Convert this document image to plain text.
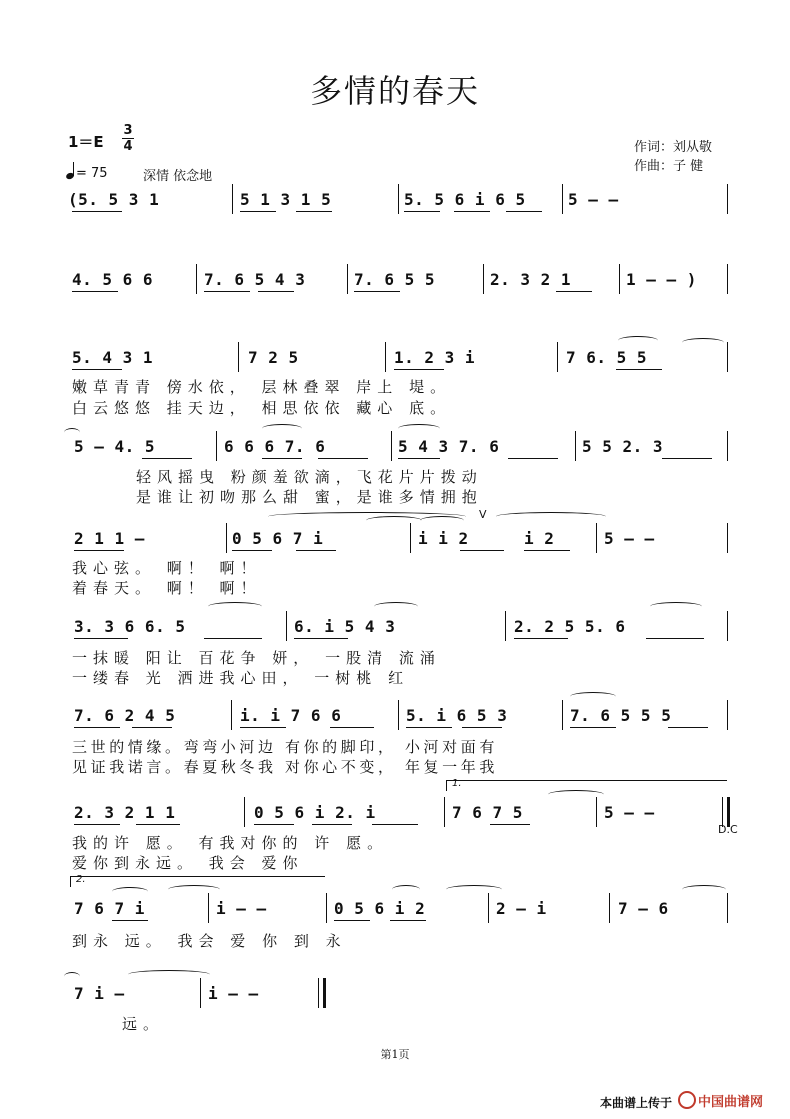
多情的春天
1＝E
3
4
= 75	深情 依念地
作词：刘从敬
作曲：子 健
(5. 5 3 1	5 1 3 1 5	5. 5 6 i 6 5	5 – –
4. 5 6 6	7. 6 5 4 3	7. 6 5 5	2. 3 2 1	1 – – )
5. 4 3 1	7 2 5	1. 2 3 i	7 6. 5 5
嫩草青青 傍水依， 层林叠翠 岸上 堤。
白云悠悠 挂天边， 相思依依 藏心 底。
5 – 4. 5	6 6 6 7. 6	5 4 3 7. 6	5 5 2. 3
轻风摇曳 粉颜羞欲滴，飞花片片拨动
是谁让初吻那么甜 蜜，是谁多情拥抱
2 1 1 –	0 5 6 7 i	i i 2	i 2	5 – –
V
我心弦。 啊！ 啊！
着春天。 啊！ 啊！
3. 3 6 6. 5	6. i 5 4 3	2. 2 5 5. 6
一抹暖 阳让 百花争 妍， 一股清 流涌
一缕春 光 洒进我心田， 一树桃 红
7. 6 2 4 5	i. i 7 6 6	5. i 6 5 3	7. 6 5 5 5
三世的情缘。弯弯小河边 有你的脚印， 小河对面有
见证我诺言。春夏秋冬我 对你心不变， 年复一年我
2. 3 2 1 1	0 5 6 i 2. i	7 6 7 5	5 – –
1.
D.C
我的许 愿。 有我对你的 许 愿。
爱你到永远。 我会 爱你
7 6 7 i	i – –	0 5 6 i 2	2 – i	7 – 6
2.
到永 远。 我会 爱 你 到 永
7 i –	i – –
远。
第1页
本曲谱上传于	中国曲谱网
